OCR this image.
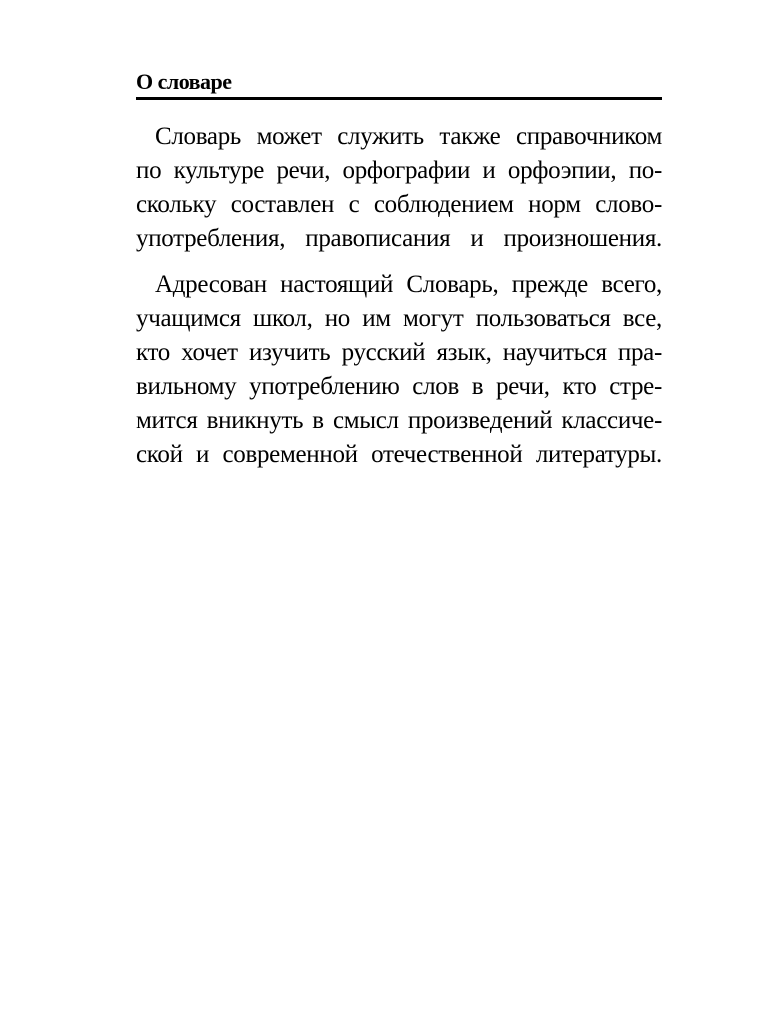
О словаре
Словарь может служить также справочником
по культуре речи, орфографии и орфоэпии, по-
скольку составлен с соблюдением норм слово-
употребления, правописания и произношения.
Адресован настоящий Словарь, прежде всего,
учащимся школ, но им могут пользоваться все,
кто хочет изучить русский язык, научиться пра-
вильному употреблению слов в речи, кто стре-
мится вникнуть в смысл произведений классиче-
ской и современной отечественной литературы.
